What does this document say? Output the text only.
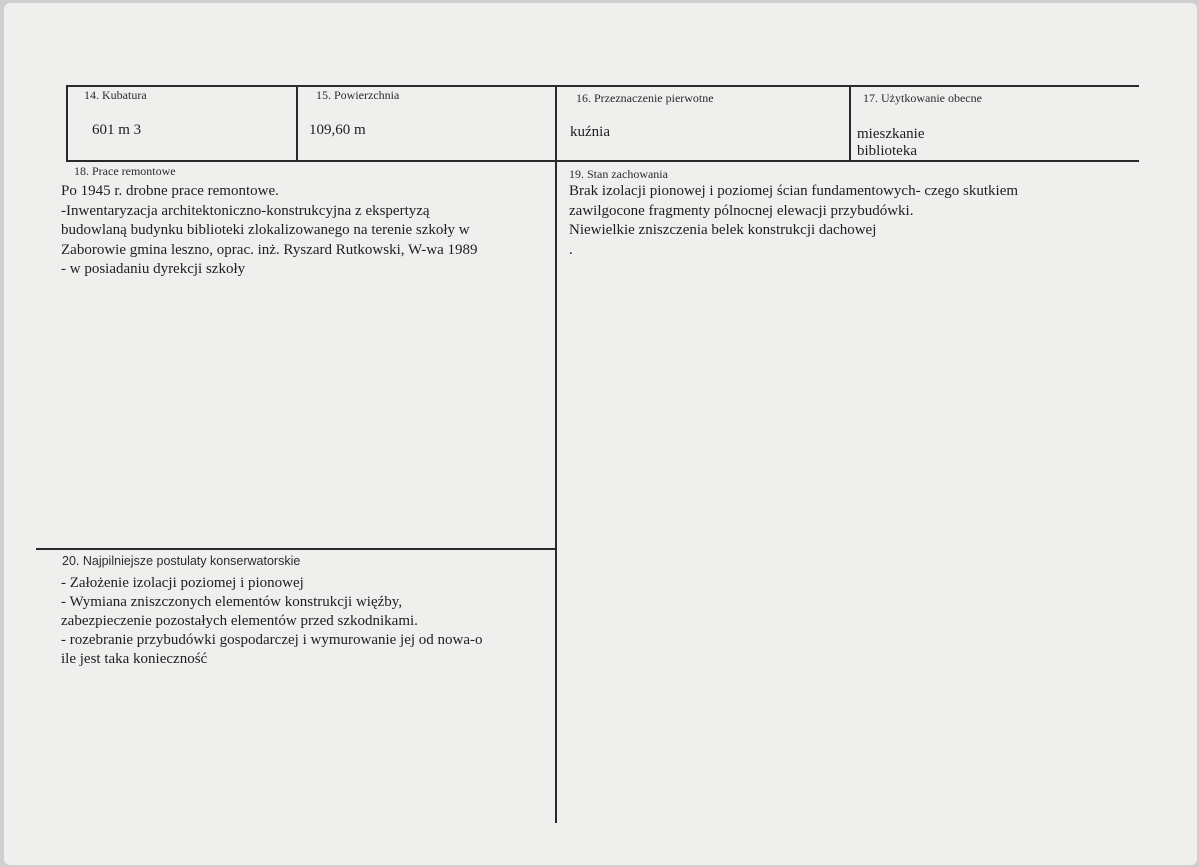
14. Kubatura
601 m 3
15. Powierzchnia
109,60 m
16. Przeznaczenie pierwotne
kuźnia
17. Użytkowanie obecne
mieszkanie
biblioteka
18. Prace remontowe
Po 1945 r. drobne prace remontowe.
-Inwentaryzacja architektoniczno-konstrukcyjna z ekspertyzą
budowlaną budynku biblioteki zlokalizowanego na terenie szkoły w
Zaborowie gmina leszno, oprac. inż. Ryszard Rutkowski, W-wa 1989
- w posiadaniu dyrekcji szkoły
19. Stan zachowania
Brak izolacji pionowej i poziomej ścian fundamentowych- czego skutkiem
zawilgocone fragmenty pólnocnej elewacji przybudówki.
Niewielkie zniszczenia belek konstrukcji dachowej
.
20. Najpilniejsze postulaty konserwatorskie
- Założenie izolacji poziomej i pionowej
- Wymiana zniszczonych elementów konstrukcji więźby,
zabezpieczenie pozostałych elementów przed szkodnikami.
- rozebranie przybudówki gospodarczej i wymurowanie jej od nowa-o
ile jest taka konieczność
